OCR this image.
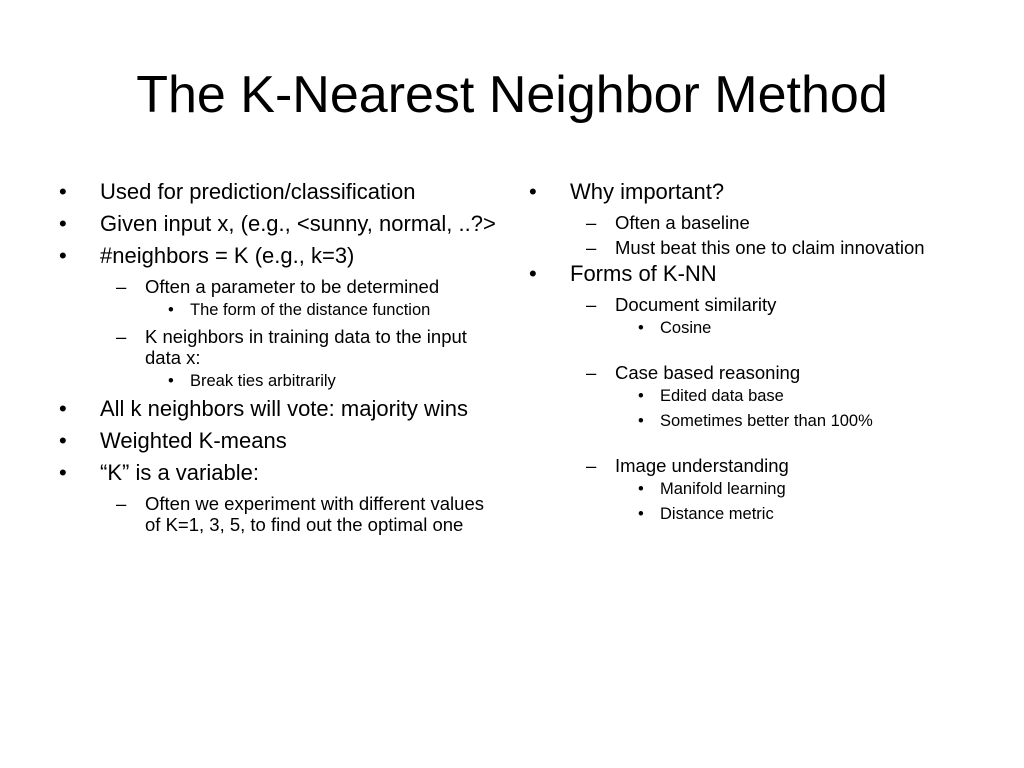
The K-Nearest Neighbor Method
• Used for prediction/classification
• Given input x, (e.g., <sunny, normal, ..?>
• #neighbors = K (e.g., k=3)
– Often a parameter to be determined
• The form of the distance function
– K neighbors in training data to the input data x:
• Break ties arbitrarily
• All k neighbors will vote: majority wins
• Weighted K-means
• “K” is a variable:
– Often we experiment with different values of K=1, 3, 5, to find out the optimal one
• Why important?
– Often a baseline
– Must beat this one to claim innovation
• Forms of K-NN
– Document similarity
• Cosine
– Case based reasoning
• Edited data base
• Sometimes better than 100%
– Image understanding
• Manifold learning
• Distance metric
